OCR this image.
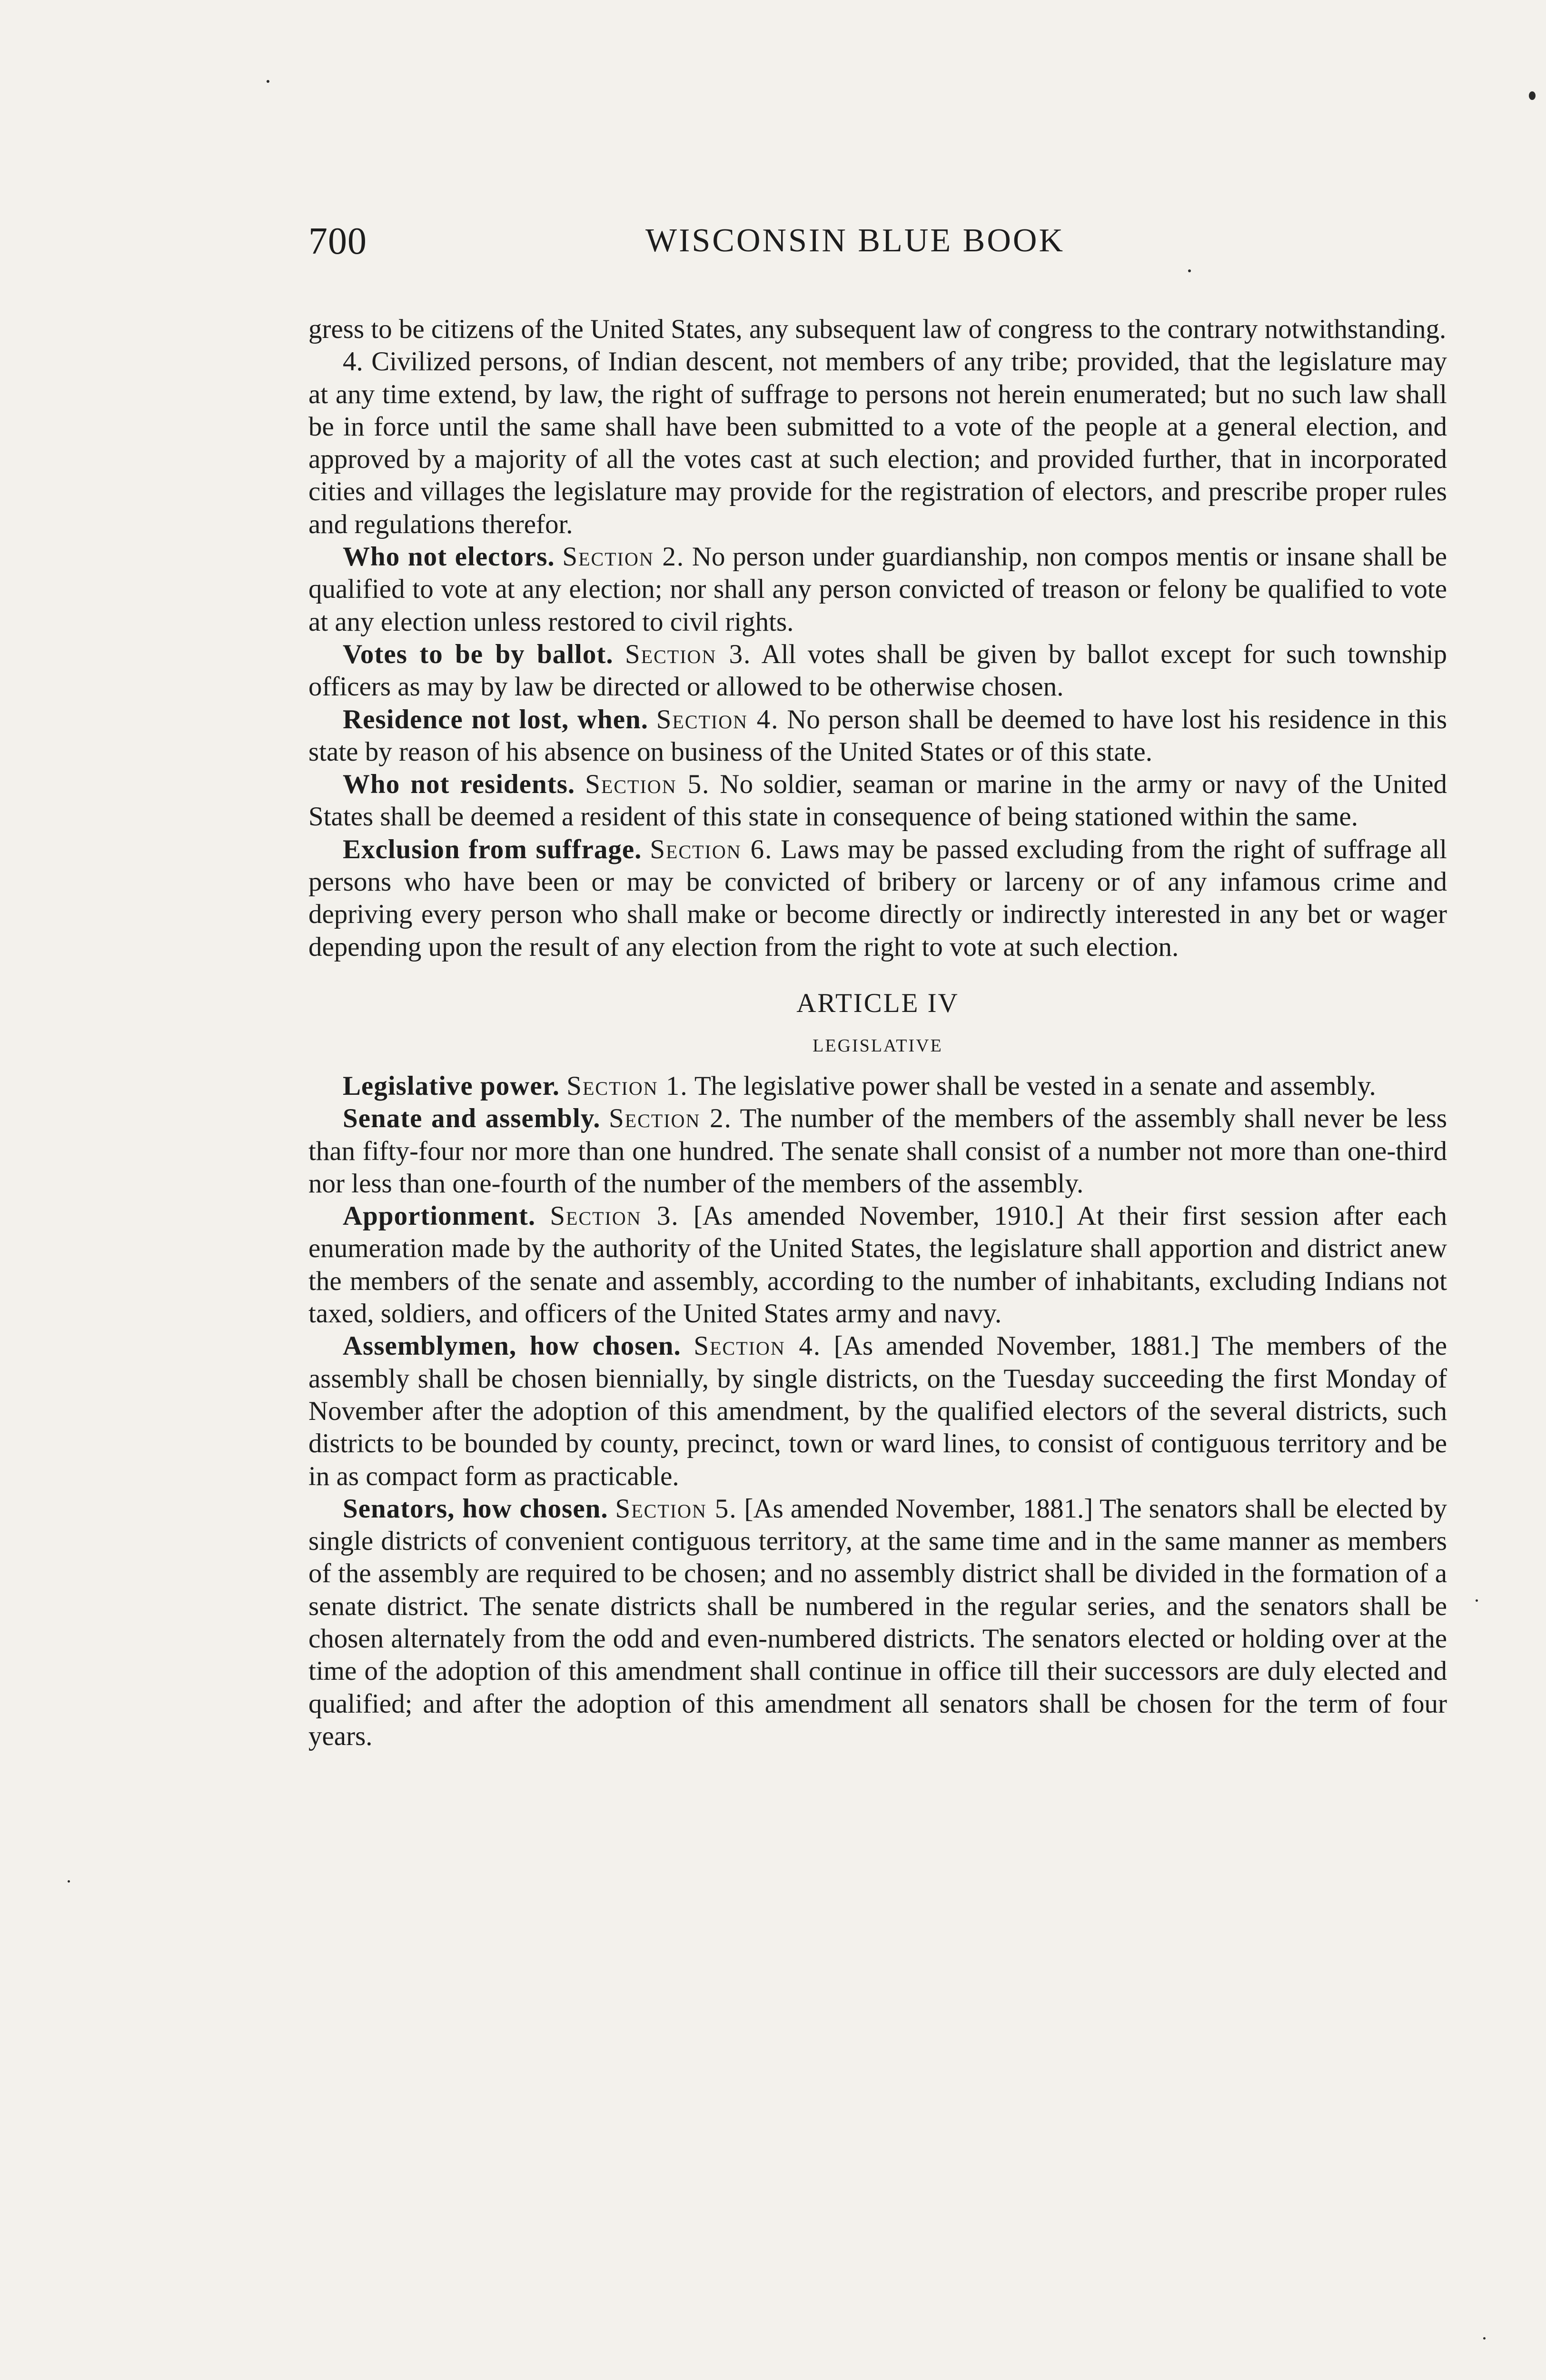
700	WISCONSIN BLUE BOOK

gress to be citizens of the United States, any subsequent law of congress to the contrary notwithstanding.

4. Civilized persons, of Indian descent, not members of any tribe; provided, that the legislature may at any time extend, by law, the right of suffrage to persons not herein enumerated; but no such law shall be in force until the same shall have been submitted to a vote of the people at a general election, and approved by a majority of all the votes cast at such election; and provided further, that in incorporated cities and villages the legislature may provide for the registration of electors, and prescribe proper rules and regulations therefor.

Who not electors. Section 2. No person under guardianship, non compos mentis or insane shall be qualified to vote at any election; nor shall any person convicted of treason or felony be qualified to vote at any election unless restored to civil rights.

Votes to be by ballot. Section 3. All votes shall be given by ballot except for such township officers as may by law be directed or allowed to be otherwise chosen.

Residence not lost, when. Section 4. No person shall be deemed to have lost his residence in this state by reason of his absence on business of the United States or of this state.

Who not residents. Section 5. No soldier, seaman or marine in the army or navy of the United States shall be deemed a resident of this state in consequence of being stationed within the same.

Exclusion from suffrage. Section 6. Laws may be passed excluding from the right of suffrage all persons who have been or may be convicted of bribery or larceny or of any infamous crime and depriving every person who shall make or become directly or indirectly interested in any bet or wager depending upon the result of any election from the right to vote at such election.

ARTICLE IV
LEGISLATIVE

Legislative power. Section 1. The legislative power shall be vested in a senate and assembly.

Senate and assembly. Section 2. The number of the members of the assembly shall never be less than fifty-four nor more than one hundred. The senate shall consist of a number not more than one-third nor less than one-fourth of the number of the members of the assembly.

Apportionment. Section 3. [As amended November, 1910.] At their first session after each enumeration made by the authority of the United States, the legislature shall apportion and district anew the members of the senate and assembly, according to the number of inhabitants, excluding Indians not taxed, soldiers, and officers of the United States army and navy.

Assemblymen, how chosen. Section 4. [As amended November, 1881.] The members of the assembly shall be chosen biennially, by single districts, on the Tuesday succeeding the first Monday of November after the adoption of this amendment, by the qualified electors of the several districts, such districts to be bounded by county, precinct, town or ward lines, to consist of contiguous territory and be in as compact form as practicable.

Senators, how chosen. Section 5. [As amended November, 1881.] The senators shall be elected by single districts of convenient contiguous territory, at the same time and in the same manner as members of the assembly are required to be chosen; and no assembly district shall be divided in the formation of a senate district. The senate districts shall be numbered in the regular series, and the senators shall be chosen alternately from the odd and even-numbered districts. The senators elected or holding over at the time of the adoption of this amendment shall continue in office till their successors are duly elected and qualified; and after the adoption of this amendment all senators shall be chosen for the term of four years.
